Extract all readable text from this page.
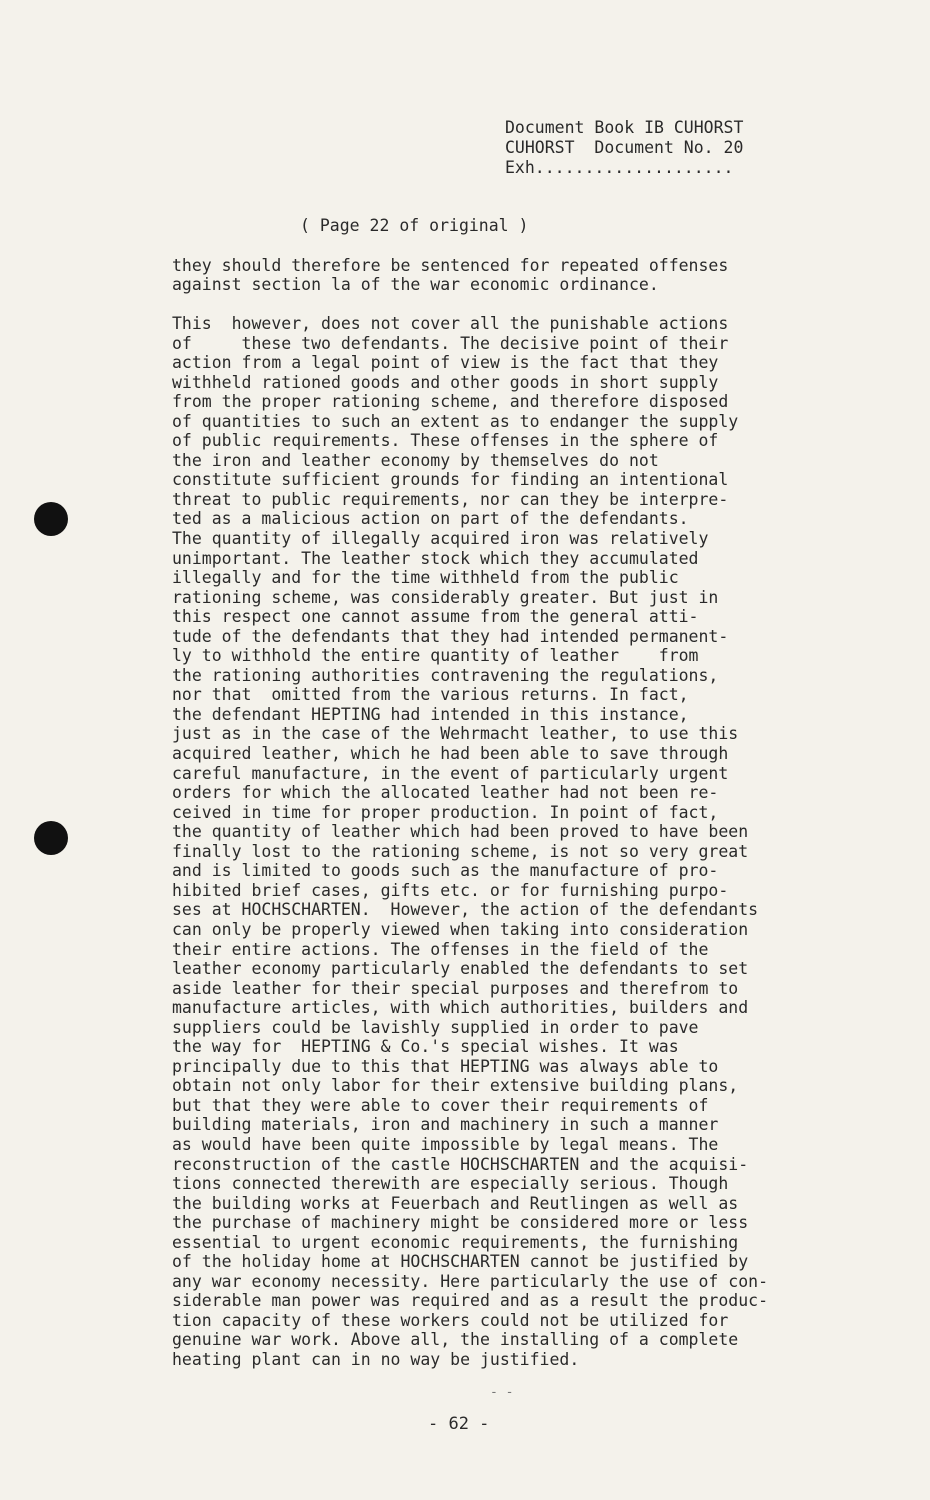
Document Book IB CUHORST
CUHORST  Document No. 20
Exh....................
( Page 22 of original )
they should therefore be sentenced for repeated offenses
against section la of the war economic ordinance.
This  however, does not cover all the punishable actions
of     these two defendants. The decisive point of their
action from a legal point of view is the fact that they
withheld rationed goods and other goods in short supply
from the proper rationing scheme, and therefore disposed
of quantities to such an extent as to endanger the supply
of public requirements. These offenses in the sphere of
the iron and leather economy by themselves do not
constitute sufficient grounds for finding an intentional
threat to public requirements, nor can they be interpre-
ted as a malicious action on part of the defendants.
The quantity of illegally acquired iron was relatively
unimportant. The leather stock which they accumulated
illegally and for the time withheld from the public
rationing scheme, was considerably greater. But just in
this respect one cannot assume from the general atti-
tude of the defendants that they had intended permanent-
ly to withhold the entire quantity of leather    from
the rationing authorities contravening the regulations,
nor that  omitted from the various returns. In fact,
the defendant HEPTING had intended in this instance,
just as in the case of the Wehrmacht leather, to use this
acquired leather, which he had been able to save through
careful manufacture, in the event of particularly urgent
orders for which the allocated leather had not been re-
ceived in time for proper production. In point of fact,
the quantity of leather which had been proved to have been
finally lost to the rationing scheme, is not so very great
and is limited to goods such as the manufacture of pro-
hibited brief cases, gifts etc. or for furnishing purpo-
ses at HOCHSCHARTEN.  However, the action of the defendants
can only be properly viewed when taking into consideration
their entire actions. The offenses in the field of the
leather economy particularly enabled the defendants to set
aside leather for their special purposes and therefrom to
manufacture articles, with which authorities, builders and
suppliers could be lavishly supplied in order to pave
the way for  HEPTING & Co.'s special wishes. It was
principally due to this that HEPTING was always able to
obtain not only labor for their extensive building plans,
but that they were able to cover their requirements of
building materials, iron and machinery in such a manner
as would have been quite impossible by legal means. The
reconstruction of the castle HOCHSCHARTEN and the acquisi-
tions connected therewith are especially serious. Though
the building works at Feuerbach and Reutlingen as well as
the purchase of machinery might be considered more or less
essential to urgent economic requirements, the furnishing
of the holiday home at HOCHSCHARTEN cannot be justified by
any war economy necessity. Here particularly the use of con-
siderable man power was required and as a result the produc-
tion capacity of these workers could not be utilized for
genuine war work. Above all, the installing of a complete
heating plant can in no way be justified.
- -
- 62 -
